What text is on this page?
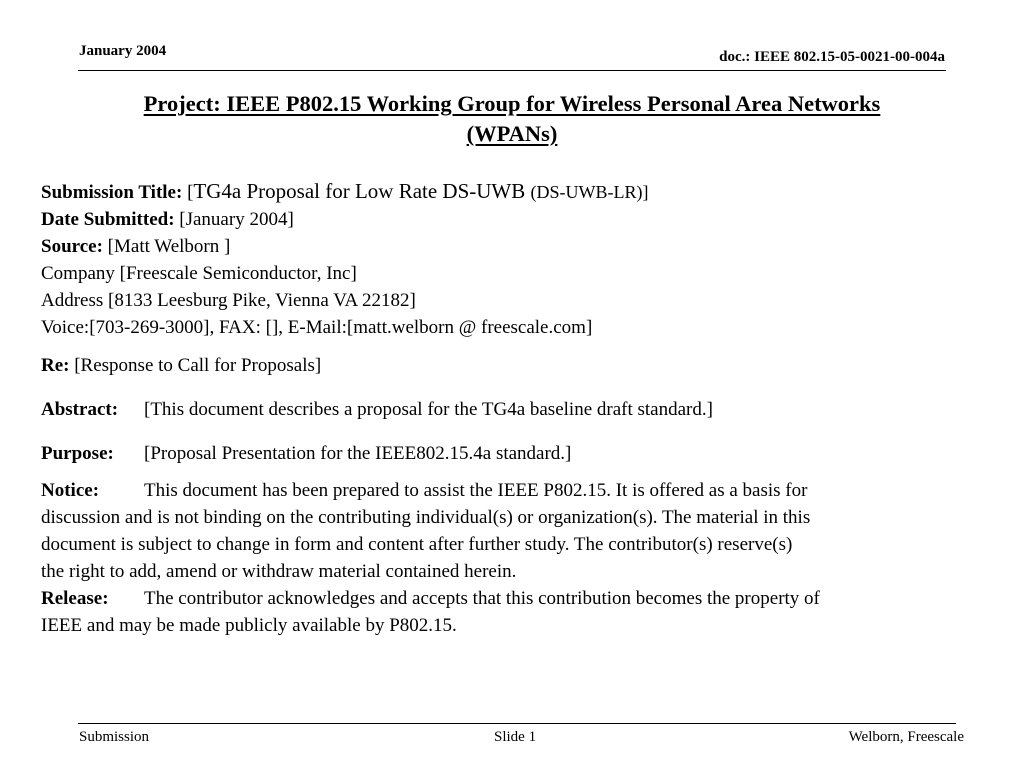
January 2004	doc.: IEEE 802.15-05-0021-00-004a
Project: IEEE P802.15 Working Group for Wireless Personal Area Networks
(WPANs)
Submission Title: [TG4a Proposal for Low Rate DS-UWB (DS-UWB-LR)]
Date Submitted: [January 2004]
Source: [Matt Welborn ]
Company [Freescale Semiconductor, Inc]
Address [8133 Leesburg Pike, Vienna VA 22182]
Voice:[703-269-3000], FAX: [], E-Mail:[matt.welborn @ freescale.com]
Re: [Response to Call for Proposals]
Abstract: [This document describes a proposal for the TG4a baseline draft standard.]
Purpose: [Proposal Presentation for the IEEE802.15.4a standard.]
Notice: This document has been prepared to assist the IEEE P802.15. It is offered as a basis for
discussion and is not binding on the contributing individual(s) or organization(s). The material in this
document is subject to change in form and content after further study. The contributor(s) reserve(s)
the right to add, amend or withdraw material contained herein.
Release: The contributor acknowledges and accepts that this contribution becomes the property of
IEEE and may be made publicly available by P802.15.
Submission	Slide 1	Welborn, Freescale
